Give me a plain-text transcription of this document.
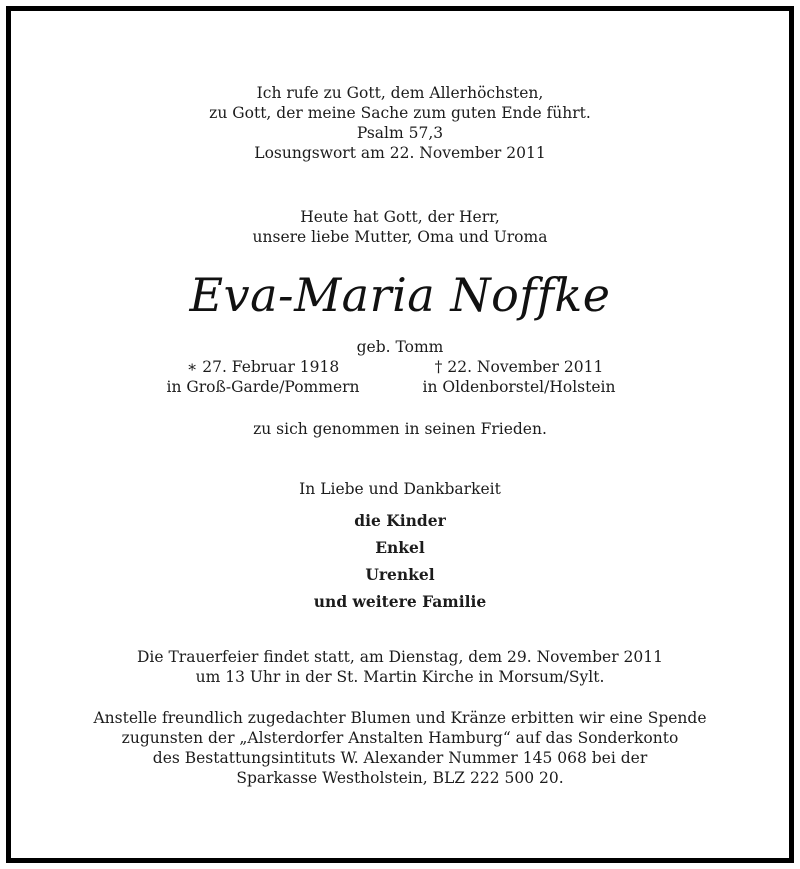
Ich rufe zu Gott, dem Allerhöchsten,
zu Gott, der meine Sache zum guten Ende führt.
Psalm 57,3
Losungswort am 22. November 2011
Heute hat Gott, der Herr,
unsere liebe Mutter, Oma und Uroma
Eva-Maria Noffke
geb. Tomm
∗ 27. Februar 1918
in Groß-Garde/Pommern
† 22. November 2011
in Oldenborstel/Holstein
zu sich genommen in seinen Frieden.
In Liebe und Dankbarkeit
die Kinder
Enkel
Urenkel
und weitere Familie
Die Trauerfeier findet statt, am Dienstag, dem 29. November 2011
um 13 Uhr in der St. Martin Kirche in Morsum/Sylt.
Anstelle freundlich zugedachter Blumen und Kränze erbitten wir eine Spende
zugunsten der „Alsterdorfer Anstalten Hamburg“ auf das Sonderkonto
des Bestattungsintituts W. Alexander Nummer 145 068 bei der
Sparkasse Westholstein, BLZ 222 500 20.
